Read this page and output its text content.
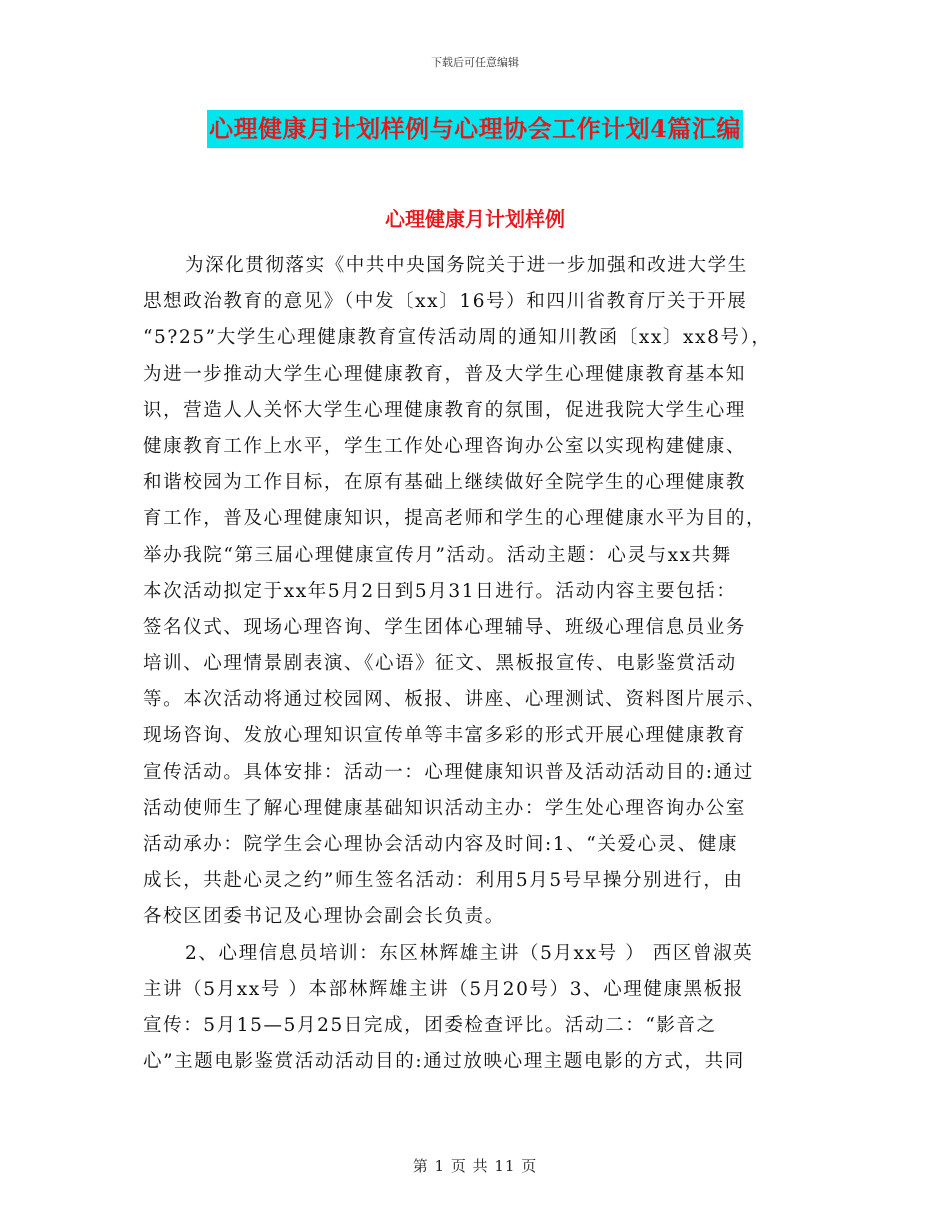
下载后可任意编辑
心理健康月计划样例与心理协会工作计划4篇汇编
心理健康月计划样例
为深化贯彻落实《中共中央国务院关于进一步加强和改进大学生
思想政治教育的意见》（中发〔xx〕16号）和四川省教育厅关于开展
“5?25”大学生心理健康教育宣传活动周的通知川教函〔xx〕xx8号），
为进一步推动大学生心理健康教育，普及大学生心理健康教育基本知
识，营造人人关怀大学生心理健康教育的氛围，促进我院大学生心理
健康教育工作上水平，学生工作处心理咨询办公室以实现构建健康、
和谐校园为工作目标，在原有基础上继续做好全院学生的心理健康教
育工作，普及心理健康知识，提高老师和学生的心理健康水平为目的，
举办我院“第三届心理健康宣传月”活动。活动主题：心灵与xx共舞
本次活动拟定于xx年5月2日到5月31日进行。活动内容主要包括：
签名仪式、现场心理咨询、学生团体心理辅导、班级心理信息员业务
培训、心理情景剧表演、《心语》征文、黑板报宣传、电影鉴赏活动
等。本次活动将通过校园网、板报、讲座、心理测试、资料图片展示、
现场咨询、发放心理知识宣传单等丰富多彩的形式开展心理健康教育
宣传活动。具体安排：活动一：心理健康知识普及活动活动目的:通过
活动使师生了解心理健康基础知识活动主办：学生处心理咨询办公室
活动承办：院学生会心理协会活动内容及时间:1、“关爱心灵、健康
成长，共赴心灵之约”师生签名活动：利用5月5号早操分别进行，由
各校区团委书记及心理协会副会长负责。
2、心理信息员培训：东区林辉雄主讲（5月xx号 ） 西区曾淑英
主讲（5月xx号 ）本部林辉雄主讲（5月20号）3、心理健康黑板报
宣传：5月15—5月25日完成，团委检查评比。活动二：“影音之
心”主题电影鉴赏活动活动目的:通过放映心理主题电影的方式，共同
第 1 页 共 11 页
